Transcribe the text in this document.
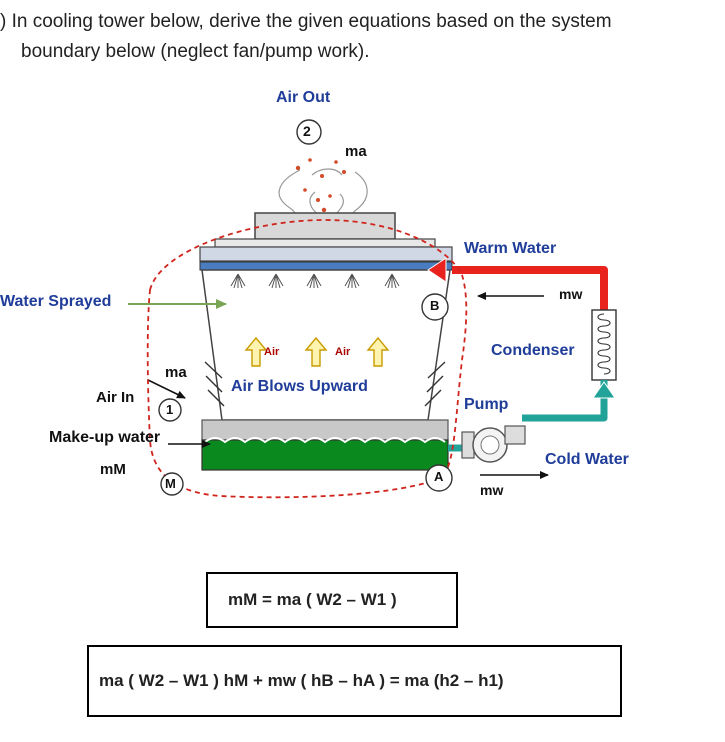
) In cooling tower below, derive the given equations based on the system
boundary below (neglect fan/pump work).
Air Out
2
ma
Warm Water
mw
Water Sprayed	B
Air	Air	Condenser
ma
Air Blows Upward
Air In
1	Pump
Make-up water
Cold Water
mM
M	A
mw
mM = ma ( W2 – W1 )
ma ( W2 – W1 ) hM + mw ( hB – hA ) = ma (h2 – h1)
